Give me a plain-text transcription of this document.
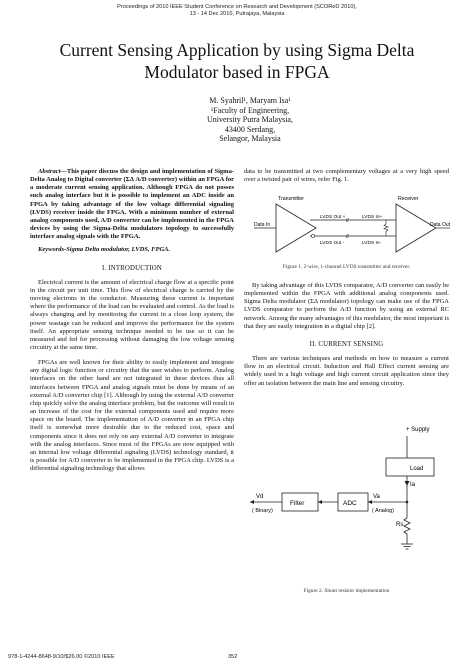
Proceedings of 2010 IEEE Student Conference on Research and Development (SCOReD 2010),
13 - 14 Dec 2010, Putrajaya, Malaysia
Current Sensing Application by using Sigma Delta
Modulator based in FPGA
M. Syahril¹, Maryam Isa¹
¹Faculty of Engineering,
University Putra Malaysia,
43400 Serdang,
Selangor, Malaysia

Abstract—This paper discuss the design and implementation of Sigma-Delta Analog to Digital converter (ΣΔ A/D converter) within an FPGA for a moderate current sensing application. Although FPGA do not posses such analog interface but it is possible to implement an ADC inside an FPGA by taking advantage of the low voltage differential signaling (LVDS) receiver inside the FPGA. With a minimum number of external analog components used, A/D converter can be implemented in the FPGA devices by using the Sigma-Delta modulators topology to successfully interface analog signals with the FPGA.

Keywords-Sigma Delta modulator, LVDS, FPGA.

I. INTRODUCTION

Electrical current is the amount of electrical charge flow at a specific point in the circuit per unit time. This flow of electrical charge is carried by the moving electrons in the conductor. Measuring these current is important where the performance of the load can be evaluated and control. As the load is always changing and by monitoring the current in a close loop system, the power wastage can be reduced and improve the performance for the system itself. An appropriate sensing technique needed to be use so it can be measured and fed for processing without damaging the low voltage sensing circuitry at the same time.

FPGAs are well known for their ability to easily implement and integrate any digital logic function or circuitry that the user wishes to perform. Analog interfaces on the other hand are not integrated in these devices thus all interfaces between FPGA and analog signals must be done by means of an external A/D converter chip [1]. Although by using the external A/D converter chip quickly solve the analog interface problem, but the outcome will result in an increase of the cost for the external components used and require more space on the board. The implementation of A/D converter in an FPGA chip itself is somewhat more desirable due to the reduced cost, space and components since it does not rely on any external A/D converter to integrate with the analog interfaces. Since most of the FPGAs are now equipped with an internal low voltage differential signaling (LVDS) technology standard, it is possible for A/D converter to be implemented in the FPGA chip. LVDS is a differential signaling technology that allows

data to be transmitted at two complementary voltages at a very high speed over a twisted pair of wires, refer Fig. 1.

Transmitter	Receiver
Data In	Data Out
LVDS Out +
LVDS Out -
LVDS In+
LVDS In-
//
//
Figure 1. 2-wire, 1-channel LVDS transmitter and receiver.

By taking advantage of this LVDS comparator, A/D converter can easily be implemented within the FPGA with additional analog components used. Sigma Delta modulator (ΣΔ modulator) topology can make use of the FPGA LVDS comparator to perform the A/D function by using an external RC network. Among the many advantages of this modulator, the most important is that they are easily integration in a digital chip [2].

II. CURRENT SENSING

There are various techniques and methods on how to measure a current flow in an electrical circuit. Induction and Hall Effect current sensing are widely used in a high voltage and high current circuit application since they offer an isolation between the main line and sensing circuitry.

+ Supply
Load
Ia
Rs
ADC
Va
( Analog)
Filter
Vd
( Binary)
Figure 2. Shunt resistor implementation
978-1-4244-8648-9/10/$26.00 ©2010 IEEE	352
